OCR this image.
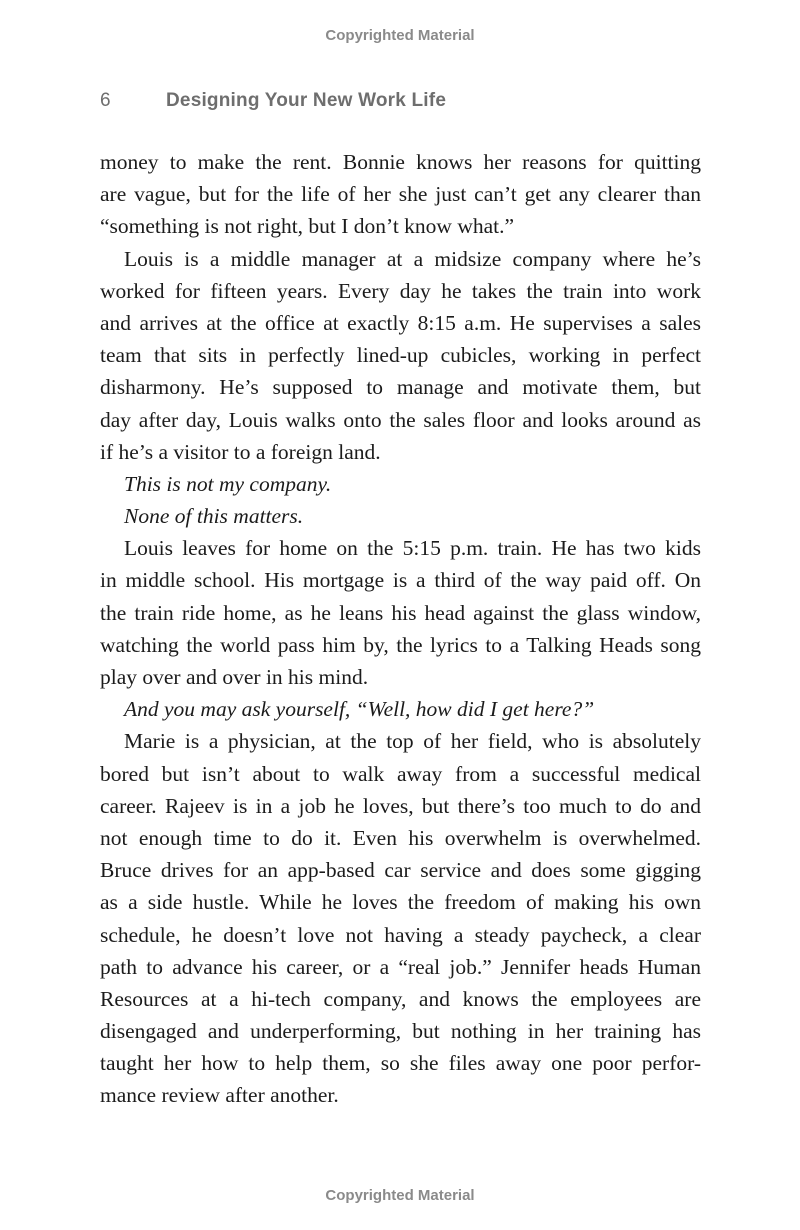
Copyrighted Material
6	Designing Your New Work Life
money to make the rent. Bonnie knows her reasons for quitting
are vague, but for the life of her she just can’t get any clearer than
“something is not right, but I don’t know what.”
Louis is a middle manager at a midsize company where he’s
worked for fifteen years. Every day he takes the train into work
and arrives at the office at exactly 8:15 a.m. He supervises a sales
team that sits in perfectly lined-up cubicles, working in perfect
disharmony. He’s supposed to manage and motivate them, but
day after day, Louis walks onto the sales floor and looks around as
if he’s a visitor to a foreign land.
This is not my company.
None of this matters.
Louis leaves for home on the 5:15 p.m. train. He has two kids
in middle school. His mortgage is a third of the way paid off. On
the train ride home, as he leans his head against the glass window,
watching the world pass him by, the lyrics to a Talking Heads song
play over and over in his mind.
And you may ask yourself, “Well, how did I get here?”
Marie is a physician, at the top of her field, who is absolutely
bored but isn’t about to walk away from a successful medical
career. Rajeev is in a job he loves, but there’s too much to do and
not enough time to do it. Even his overwhelm is overwhelmed.
Bruce drives for an app-based car service and does some gigging
as a side hustle. While he loves the freedom of making his own
schedule, he doesn’t love not having a steady paycheck, a clear
path to advance his career, or a “real job.” Jennifer heads Human
Resources at a hi-tech company, and knows the employees are
disengaged and underperforming, but nothing in her training has
taught her how to help them, so she files away one poor perfor-
mance review after another.
Copyrighted Material
